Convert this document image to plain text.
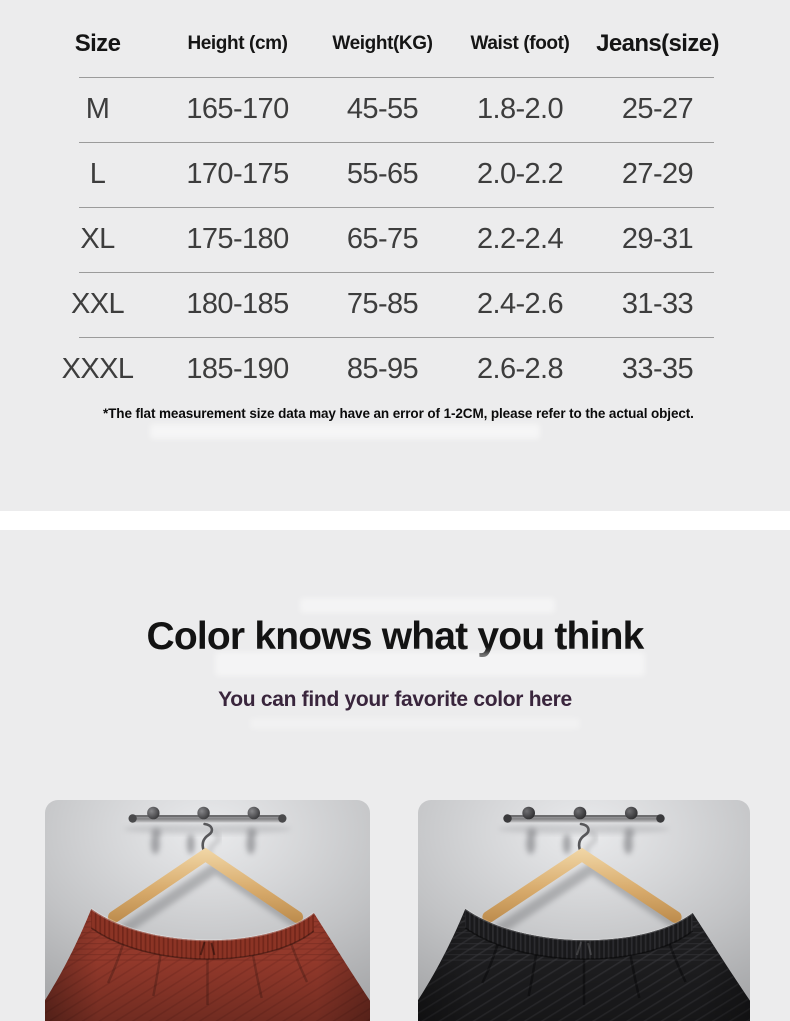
Size	Height (cm)	Weight(KG)	Waist (foot)	Jeans(size)
M	165-170	45-55	1.8-2.0	25-27
L	170-175	55-65	2.0-2.2	27-29
XL	175-180	65-75	2.2-2.4	29-31
XXL	180-185	75-85	2.4-2.6	31-33
XXXL	185-190	85-95	2.6-2.8	33-35

*The flat measurement size data may have an error of 1-2CM, please refer to the actual object.

Color knows what you think
You can find your favorite color here
